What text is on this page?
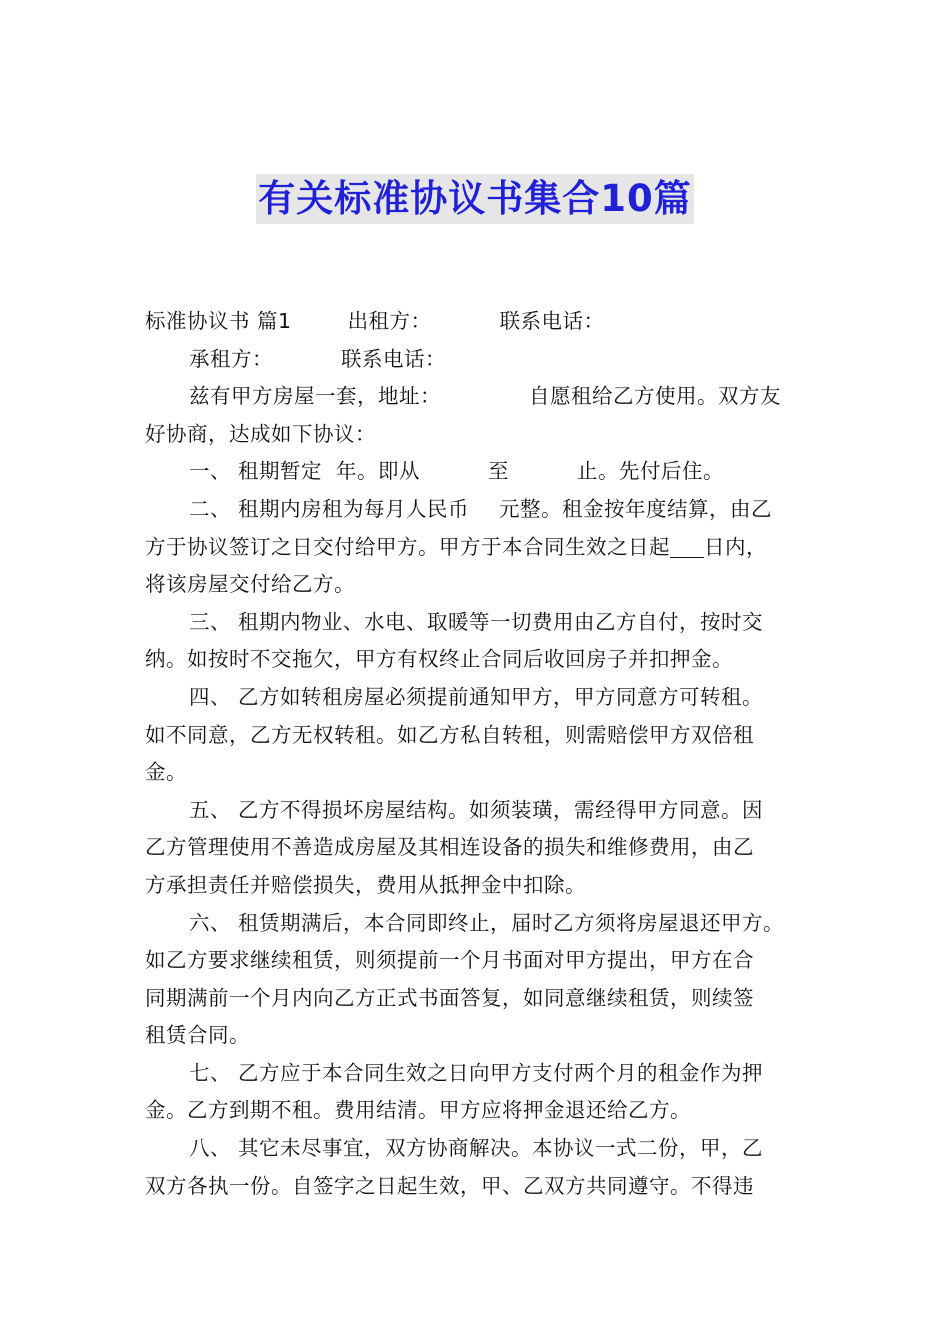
有关标准协议书集合10篇
标准协议书 篇1	出租方：	联系电话：
承租方：	联系电话：
兹有甲方房屋一套，地址：	自愿租给乙方使用。双方友
好协商，达成如下协议：
一、 租期暂定 年。即从	至	止。先付后住。
二、 租期内房租为每月人民币 元整。租金按年度结算，由乙
方于协议签订之日交付给甲方。甲方于本合同生效之日起 日内，
将该房屋交付给乙方。
三、 租期内物业、水电、取暖等一切费用由乙方自付，按时交
纳。如按时不交拖欠，甲方有权终止合同后收回房子并扣押金。
四、 乙方如转租房屋必须提前通知甲方，甲方同意方可转租。
如不同意，乙方无权转租。如乙方私自转租，则需赔偿甲方双倍租
金。
五、 乙方不得损坏房屋结构。如须装璜，需经得甲方同意。因
乙方管理使用不善造成房屋及其相连设备的损失和维修费用，由乙
方承担责任并赔偿损失，费用从抵押金中扣除。
六、 租赁期满后，本合同即终止，届时乙方须将房屋退还甲方。
如乙方要求继续租赁，则须提前一个月书面对甲方提出，甲方在合
同期满前一个月内向乙方正式书面答复，如同意继续租赁，则续签
租赁合同。
七、 乙方应于本合同生效之日向甲方支付两个月的租金作为押
金。乙方到期不租。费用结清。甲方应将押金退还给乙方。
八、 其它未尽事宜，双方协商解决。本协议一式二份，甲，乙
双方各执一份。自签字之日起生效，甲、乙双方共同遵守。不得违
